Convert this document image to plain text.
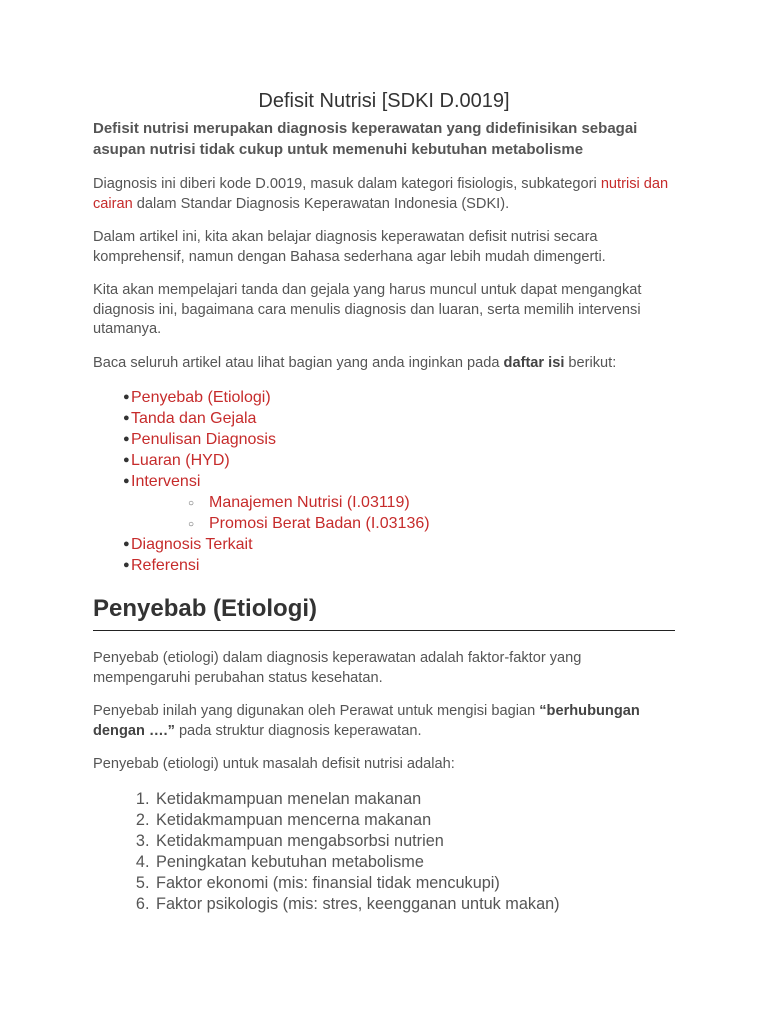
Defisit Nutrisi [SDKI D.0019]

Defisit nutrisi merupakan diagnosis keperawatan yang didefinisikan sebagai asupan nutrisi tidak cukup untuk memenuhi kebutuhan metabolisme

Diagnosis ini diberi kode D.0019, masuk dalam kategori fisiologis, subkategori nutrisi dan cairan dalam Standar Diagnosis Keperawatan Indonesia (SDKI).

Dalam artikel ini, kita akan belajar diagnosis keperawatan defisit nutrisi secara komprehensif, namun dengan Bahasa sederhana agar lebih mudah dimengerti.

Kita akan mempelajari tanda dan gejala yang harus muncul untuk dapat mengangkat diagnosis ini, bagaimana cara menulis diagnosis dan luaran, serta memilih intervensi utamanya.

Baca seluruh artikel atau lihat bagian yang anda inginkan pada daftar isi berikut:

● Penyebab (Etiologi)
● Tanda dan Gejala
● Penulisan Diagnosis
● Luaran (HYD)
● Intervensi
○ Manajemen Nutrisi (I.03119)
○ Promosi Berat Badan (I.03136)
● Diagnosis Terkait
● Referensi
Penyebab (Etiologi)

Penyebab (etiologi) dalam diagnosis keperawatan adalah faktor-faktor yang mempengaruhi perubahan status kesehatan.

Penyebab inilah yang digunakan oleh Perawat untuk mengisi bagian “berhubungan dengan ….” pada struktur diagnosis keperawatan.

Penyebab (etiologi) untuk masalah defisit nutrisi adalah:

1. Ketidakmampuan menelan makanan
2. Ketidakmampuan mencerna makanan
3. Ketidakmampuan mengabsorbsi nutrien
4. Peningkatan kebutuhan metabolisme
5. Faktor ekonomi (mis: finansial tidak mencukupi)
6. Faktor psikologis (mis: stres, keengganan untuk makan)
